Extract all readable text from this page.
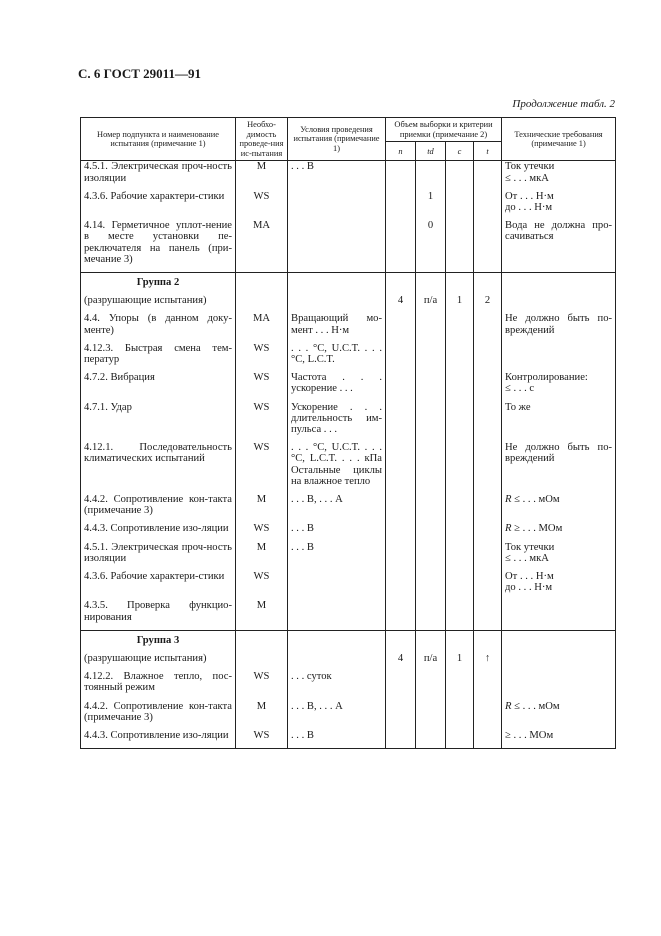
С. 6 ГОСТ 29011—91
Продолжение табл. 2
Номер подпункта и наименование испытания (примечание 1)	Необхо-димость проведе-ния ис-пытания	Условия проведения испытания (примечание 1)	Объем выборки и критерии приемки (примечание 2)				Технические требования (примечание 1)
			n	td	c	t	
4.5.1. Электрическая проч-ность изоляции	M	. . . В					Ток утечки
≤ . . . мкА

4.3.6. Рабочие характери-стики	WS			1			От . . . Н·м
до . . . Н·м

4.14. Герметичное уплот-нение в месте установки пе-реключателя на панель (при-мечание 3)	MA			0			Вода не должна про-сачиваться

Группа 2							

(разрушающие испытания)			4	п/а	1	2	
4.4. Упоры (в данном доку-менте)	MA	Вращающий мо-мент . . . Н·м					Не должно быть по-вреждений

4.12.3. Быстрая смена тем-ператур	WS	. . . °С, U.C.T. . . . °С, L.C.T.					
4.7.2. Вибрация	WS	Частота . . . ускорение . . .					Контролирование:
≤ . . . с

4.7.1. Удар	WS	Ускорение . . . длительность им-пульса . . .					То же

4.12.1. Последовательность климатических испытаний	WS	. . . °С, U.C.T. . . . °С, L.C.T. . . . кПа Остальные циклы на влажное тепло					Не должно быть по-вреждений

4.4.2. Сопротивление кон-такта (примечание 3)	M	. . . В, . . . А					R ≤ . . . мОм

4.4.3. Сопротивление изо-ляции	WS	. . . В					R ≥ . . . МОм

4.5.1. Электрическая проч-ность изоляции	M	. . . В					Ток утечки
≤ . . . мкА

4.3.6. Рабочие характери-стики	WS						От . . . Н·м
до . . . Н·м

4.3.5. Проверка функцио-нирования	M						

Группа 3							

(разрушающие испытания)			4	п/а	1	↑	
4.12.2. Влажное тепло, пос-тоянный режим	WS	. . . суток					
4.4.2. Сопротивление кон-такта (примечание 3)	M	. . . В, . . . А					R ≤ . . . мОм

4.4.3. Сопротивление изо-ляции	WS	. . . В					≥ . . . МОм
